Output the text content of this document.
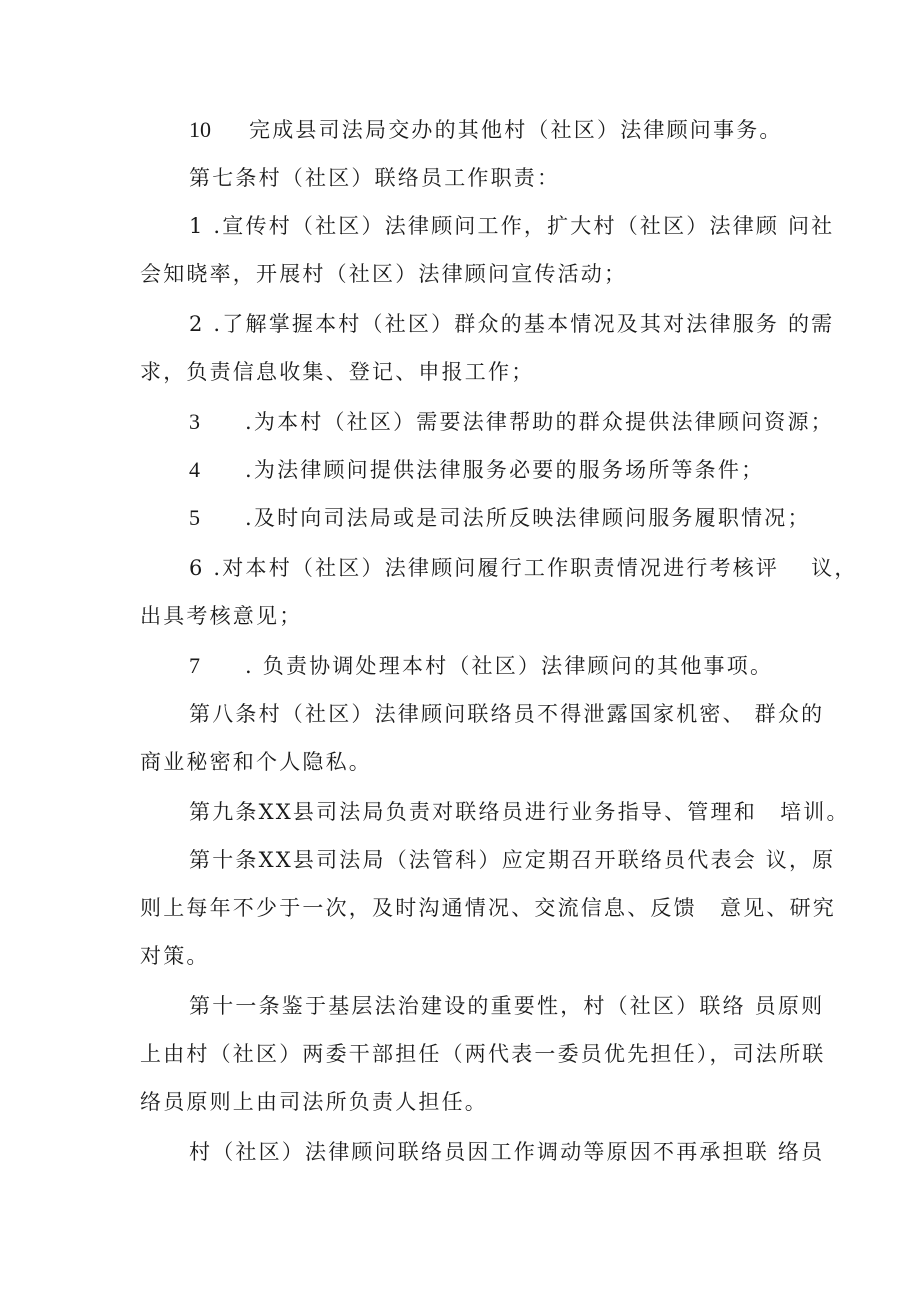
10 完成县司法局交办的其他村（社区）法律顾问事务。
第七条村（社区）联络员工作职责：
1 .宣传村（社区）法律顾问工作，扩大村（社区）法律顾 问社
会知晓率，开展村（社区）法律顾问宣传活动；
2 .了解掌握本村（社区）群众的基本情况及其对法律服务 的需
求，负责信息收集、登记、申报工作；
3 .为本村（社区）需要法律帮助的群众提供法律顾问资源；
4 .为法律顾问提供法律服务必要的服务场所等条件；
5 .及时向司法局或是司法所反映法律顾问服务履职情况；
6 .对本村（社区）法律顾问履行工作职责情况进行考核评　 议，
出具考核意见；
7 . 负责协调处理本村（社区）法律顾问的其他事项。
第八条村（社区）法律顾问联络员不得泄露国家机密、 群众的
商业秘密和个人隐私。
第九条XX县司法局负责对联络员进行业务指导、管理和　培训。
第十条XX县司法局（法管科）应定期召开联络员代表会 议，原
则上每年不少于一次，及时沟通情况、交流信息、反馈　意见、研究
对策。
第十一条鉴于基层法治建设的重要性，村（社区）联络 员原则
上由村（社区）两委干部担任（两代表一委员优先担任），司法所联
络员原则上由司法所负责人担任。
村（社区）法律顾问联络员因工作调动等原因不再承担联 络员
